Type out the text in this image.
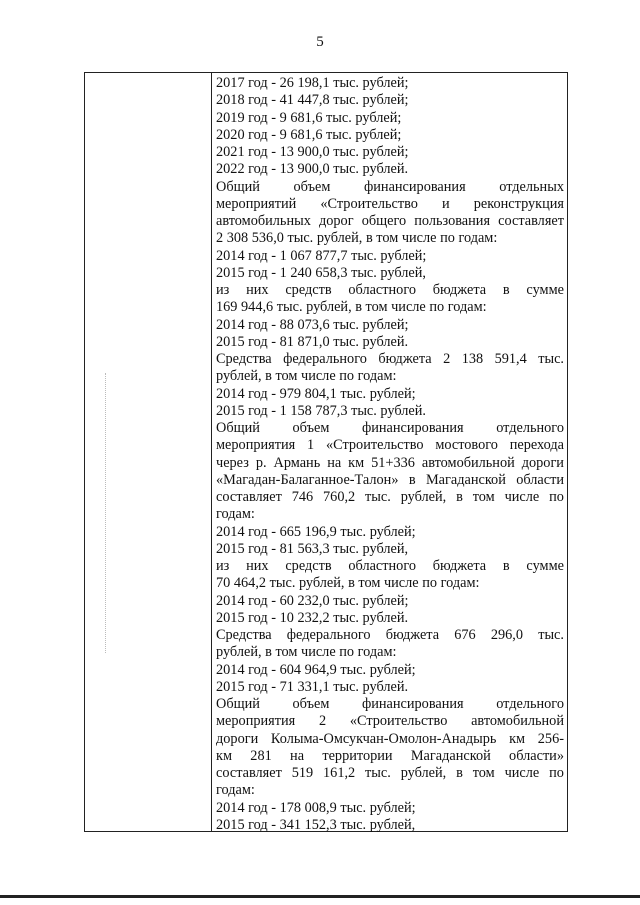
5
2017 год - 26 198,1 тыс. рублей;
2018 год - 41 447,8 тыс. рублей;
2019 год - 9 681,6 тыс. рублей;
2020 год - 9 681,6 тыс. рублей;
2021 год - 13 900,0 тыс. рублей;
2022 год - 13 900,0 тыс. рублей.
Общий объем финансирования отдельных
мероприятий «Строительство и реконструкция
автомобильных дорог общего пользования составляет
2 308 536,0 тыс. рублей, в том числе по годам:
2014 год - 1 067 877,7 тыс. рублей;
2015 год - 1 240 658,3 тыс. рублей,
из них средств областного бюджета в сумме
169 944,6 тыс. рублей, в том числе по годам:
2014 год - 88 073,6 тыс. рублей;
2015 год - 81 871,0 тыс. рублей.
Средства федерального бюджета 2 138 591,4 тыс.
рублей, в том числе по годам:
2014 год - 979 804,1 тыс. рублей;
2015 год - 1 158 787,3 тыс. рублей.
Общий объем финансирования отдельного
мероприятия 1 «Строительство мостового перехода
через р. Армань на км 51+336 автомобильной дороги
«Магадан-Балаганное-Талон» в Магаданской области
составляет 746 760,2 тыс. рублей, в том числе по
годам:
2014 год - 665 196,9 тыс. рублей;
2015 год - 81 563,3 тыс. рублей,
из них средств областного бюджета в сумме
70 464,2 тыс. рублей, в том числе по годам:
2014 год - 60 232,0 тыс. рублей;
2015 год - 10 232,2 тыс. рублей.
Средства федерального бюджета 676 296,0 тыс.
рублей, в том числе по годам:
2014 год - 604 964,9 тыс. рублей;
2015 год - 71 331,1 тыс. рублей.
Общий объем финансирования отдельного
мероприятия 2 «Строительство автомобильной
дороги Колыма-Омсукчан-Омолон-Анадырь км 256-
км 281 на территории Магаданской области»
составляет 519 161,2 тыс. рублей, в том числе по
годам:
2014 год - 178 008,9 тыс. рублей;
2015 год - 341 152,3 тыс. рублей,
